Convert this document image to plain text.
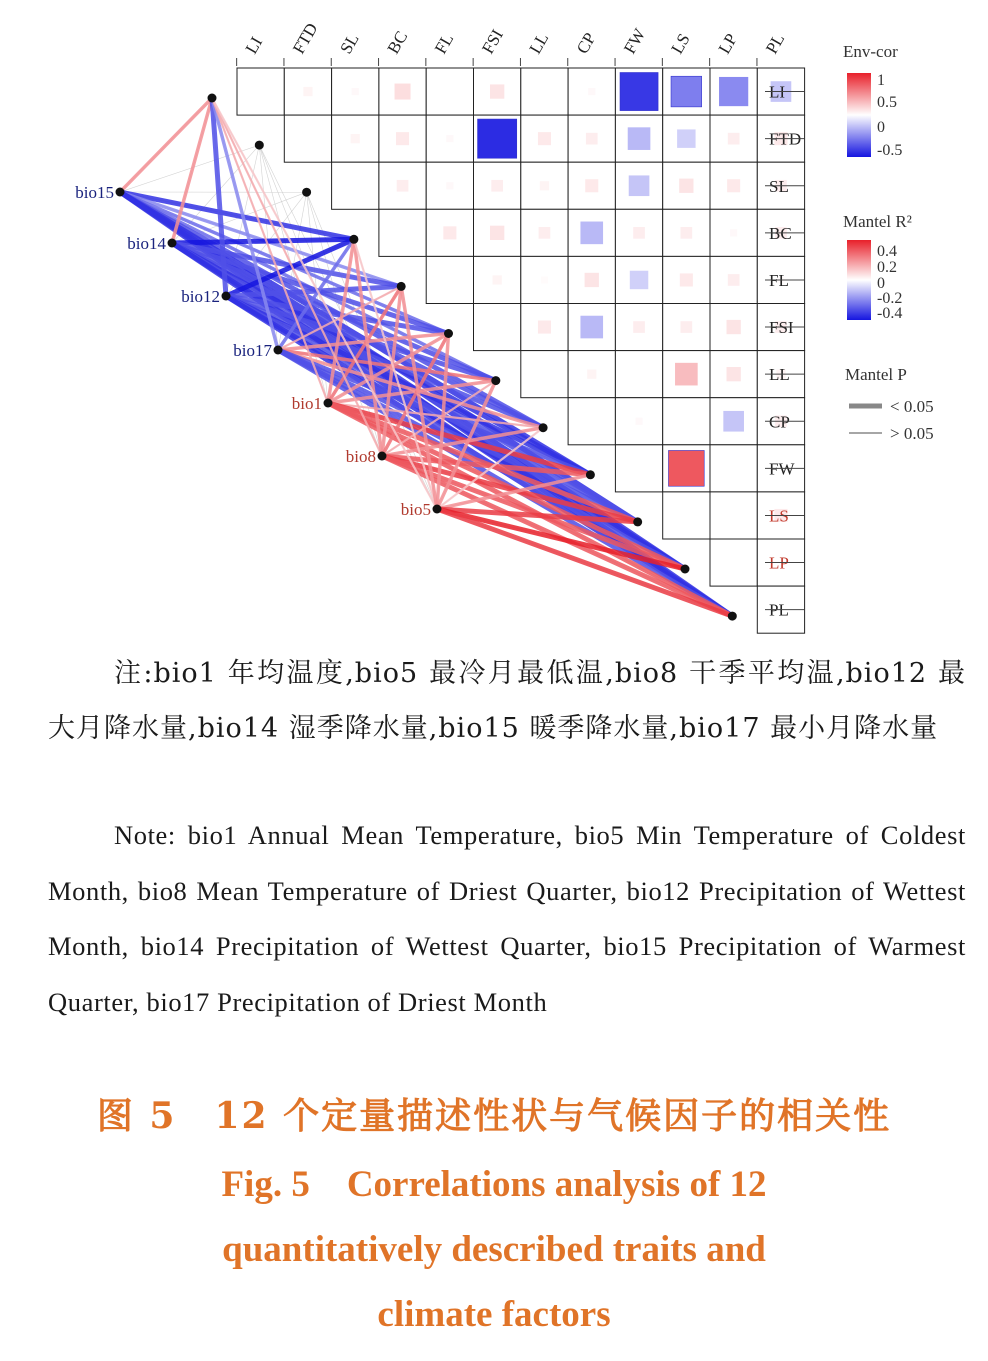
LI
LI
FTD
FTD
SL
SL
BC
BC
FL
FL
FSI
FSI
LL
LL
CP
CP
FW
FW
LS
LS
LP
LP
PL
PL
bio15
bio14
bio12
bio17
bio1
bio8
bio5
Env-cor
1
0.5
0
-0.5
Mantel R²
0.4
0.2
0
-0.2
-0.4
Mantel P
< 0.05
> 0.05
注:bio1 年均温度,bio5 最冷月最低温,bio8 干季平均温,bio12 最大月降水量,bio14 湿季降水量,bio15 暖季降水量,bio17 最小月降水量
Note: bio1 Annual Mean Temperature, bio5 Min Temperature of Coldest Month, bio8 Mean Temperature of Driest Quarter, bio12 Precipitation of Wettest Month, bio14 Precipitation of Wettest Quarter, bio15 Precipitation of Warmest Quarter, bio17 Precipitation of Driest Month
图 5　12 个定量描述性状与气候因子的相关性
Fig. 5　Correlations analysis of 12
quantitatively described traits and
climate factors
